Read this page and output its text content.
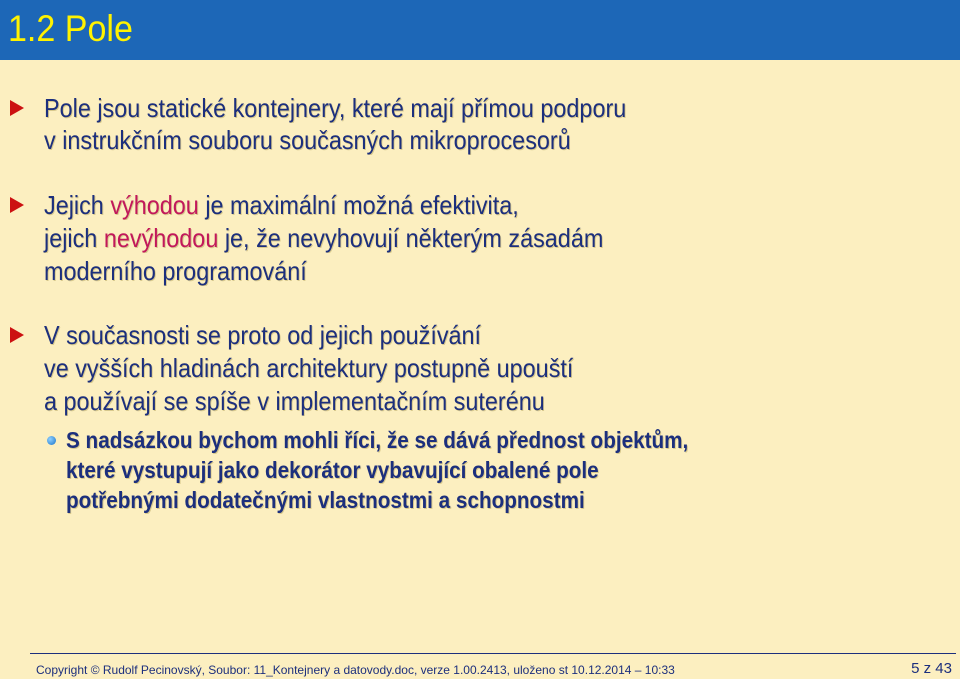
1.2 Pole
Pole jsou statické kontejnery, které mají přímou podporu
v instrukčním souboru současných mikroprocesorů
Jejich výhodou je maximální možná efektivita,
jejich nevýhodou je, že nevyhovují některým zásadám
moderního programování
V současnosti se proto od jejich používání
ve vyšších hladinách architektury postupně upouští
a používají se spíše v implementačním suterénu
S nadsázkou bychom mohli říci, že se dává přednost objektům,
které vystupují jako dekorátor vybavující obalené pole
potřebnými dodatečnými vlastnostmi a schopnostmi
Copyright © Rudolf Pecinovský, Soubor: 11_Kontejnery a datovody.doc, verze 1.00.2413, uloženo st 10.12.2014 – 10:33	5 z 43
